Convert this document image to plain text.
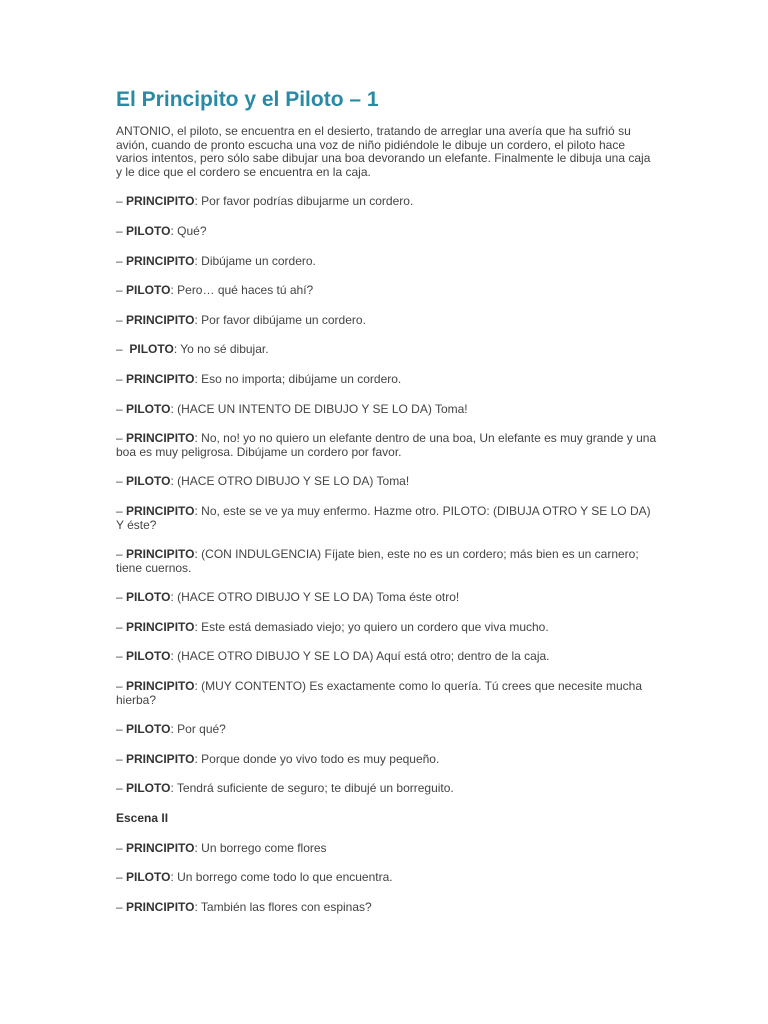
El Principito y el Piloto – 1

ANTONIO, el piloto, se encuentra en el desierto, tratando de arreglar una avería que ha sufrió su avión, cuando de pronto escucha una voz de niño pidiéndole le dibuje un cordero, el piloto hace varios intentos, pero sólo sabe dibujar una boa devorando un elefante. Finalmente le dibuja una caja y le dice que el cordero se encuentra en la caja.

– PRINCIPITO: Por favor podrías dibujarme un cordero.

– PILOTO: Qué?

– PRINCIPITO: Dibújame un cordero.

– PILOTO: Pero… qué haces tú ahí?

– PRINCIPITO: Por favor dibújame un cordero.

–  PILOTO: Yo no sé dibujar.

– PRINCIPITO: Eso no importa; dibújame un cordero.

– PILOTO: (HACE UN INTENTO DE DIBUJO Y SE LO DA) Toma!

– PRINCIPITO: No, no! yo no quiero un elefante dentro de una boa, Un elefante es muy grande y una boa es muy peligrosa. Dibújame un cordero por favor.

– PILOTO: (HACE OTRO DIBUJO Y SE LO DA) Toma!

– PRINCIPITO: No, este se ve ya muy enfermo. Hazme otro. PILOTO: (DIBUJA OTRO Y SE LO DA) Y éste?

– PRINCIPITO: (CON INDULGENCIA) Fíjate bien, este no es un cordero; más bien es un carnero; tiene cuernos.

– PILOTO: (HACE OTRO DIBUJO Y SE LO DA) Toma éste otro!

– PRINCIPITO: Este está demasiado viejo; yo quiero un cordero que viva mucho.

– PILOTO: (HACE OTRO DIBUJO Y SE LO DA) Aquí está otro; dentro de la caja.

– PRINCIPITO: (MUY CONTENTO) Es exactamente como lo quería. Tú crees que necesite mucha hierba?

– PILOTO: Por qué?

– PRINCIPITO: Porque donde yo vivo todo es muy pequeño.

– PILOTO: Tendrá suficiente de seguro; te dibujé un borreguito.

Escena II

– PRINCIPITO: Un borrego come flores

– PILOTO: Un borrego come todo lo que encuentra.

– PRINCIPITO: También las flores con espinas?
